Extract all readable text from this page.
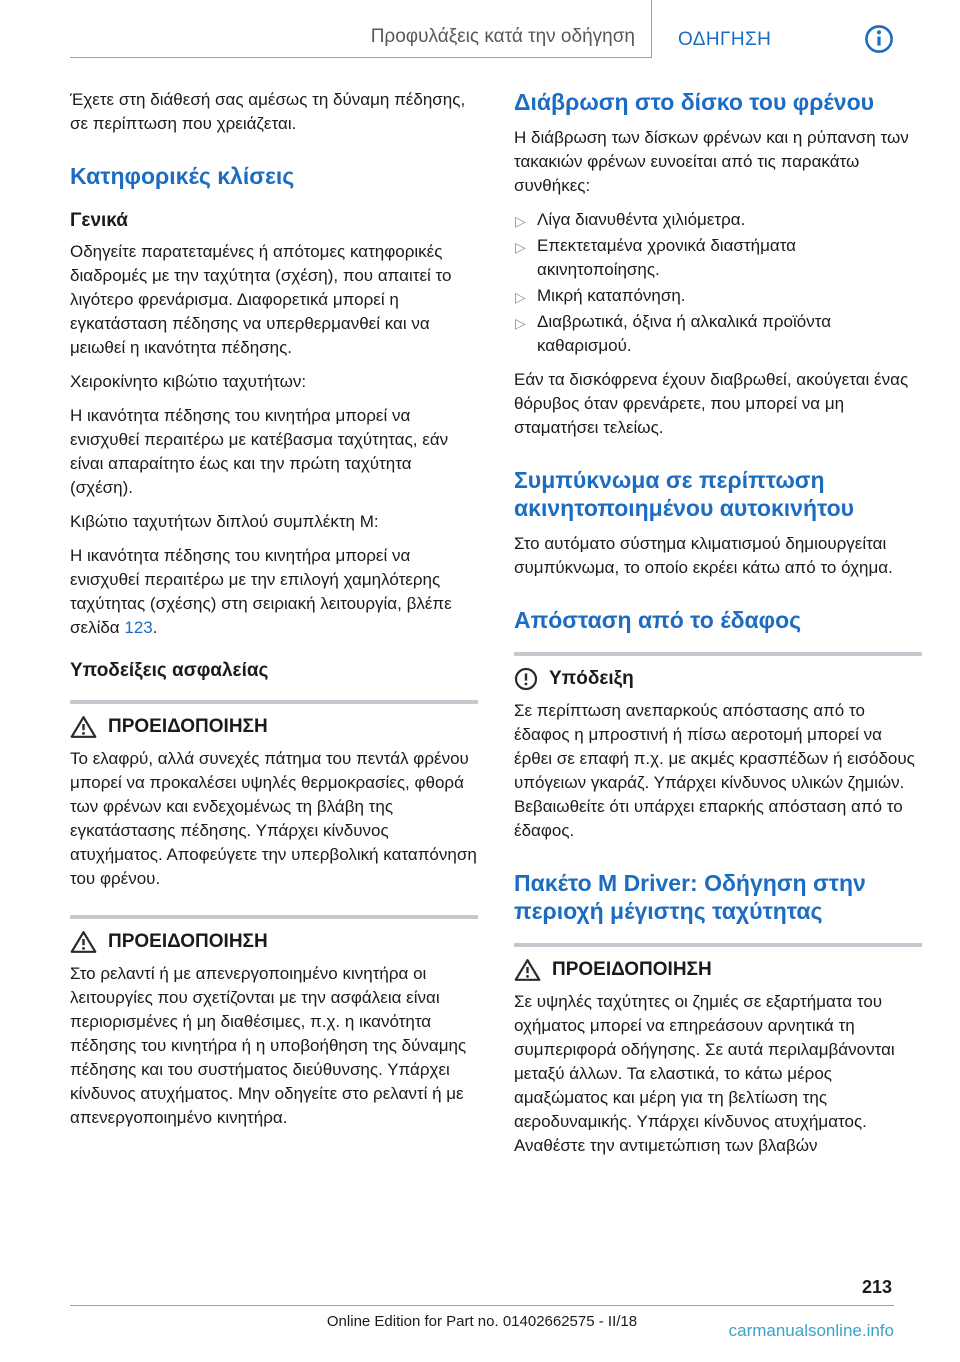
Προφυλάξεις κατά την οδήγηση ΟΔΗΓΗΣΗ

Έχετε στη διάθεσή σας αμέσως τη δύναμη πέδησης, σε περίπτωση που χρειάζεται.

Κατηφορικές κλίσεις
Γενικά

Οδηγείτε παρατεταμένες ή απότομες κατηφορικές διαδρομές με την ταχύτητα (σχέση), που απαιτεί το λιγότερο φρενάρισμα. Διαφορετικά μπορεί η εγκατάσταση πέδησης να υπερθερμανθεί και να μειωθεί η ικανότητα πέδησης.

Χειροκίνητο κιβώτιο ταχυτήτων:

Η ικανότητα πέδησης του κινητήρα μπορεί να ενισχυθεί περαιτέρω με κατέβασμα ταχύτητας, εάν είναι απαραίτητο έως και την πρώτη ταχύτητα (σχέση).

Κιβώτιο ταχυτήτων διπλού συμπλέκτη M:

Η ικανότητα πέδησης του κινητήρα μπορεί να ενισχυθεί περαιτέρω με την επιλογή χαμηλότερης ταχύτητας (σχέσης) στη σειριακή λειτουργία, βλέπε σελίδα 123.

Υποδείξεις ασφαλείας
ΠΡΟΕΙΔΟΠΟΙΗΣΗ

Το ελαφρύ, αλλά συνεχές πάτημα του πεντάλ φρένου μπορεί να προκαλέσει υψηλές θερμοκρασίες, φθορά των φρένων και ενδεχομένως τη βλάβη της εγκατάστασης πέδησης. Υπάρχει κίνδυνος ατυχήματος. Αποφεύγετε την υπερβολική καταπόνηση του φρένου.

ΠΡΟΕΙΔΟΠΟΙΗΣΗ

Στο ρελαντί ή με απενεργοποιημένο κινητήρα οι λειτουργίες που σχετίζονται με την ασφάλεια είναι περιορισμένες ή μη διαθέσιμες, π.χ. η ικανότητα πέδησης του κινητήρα ή η υποβοήθηση της δύναμης πέδησης και του συστήματος διεύθυνσης. Υπάρχει κίνδυνος ατυχήματος. Μην οδηγείτε στο ρελαντί ή με απενεργοποιημένο κινητήρα.

Διάβρωση στο δίσκο του φρένου

Η διάβρωση των δίσκων φρένων και η ρύπανση των τακακιών φρένων ευνοείται από τις παρακάτω συνθήκες:

▷ Λίγα διανυθέντα χιλιόμετρα.
▷ Επεκτεταμένα χρονικά διαστήματα ακινητοποίησης.
▷ Μικρή καταπόνηση.
▷ Διαβρωτικά, όξινα ή αλκαλικά προϊόντα καθαρισμού.

Εάν τα δισκόφρενα έχουν διαβρωθεί, ακούγεται ένας θόρυβος όταν φρενάρετε, που μπορεί να μη σταματήσει τελείως.

Συμπύκνωμα σε περίπτωση ακινητοποιημένου αυτοκινήτου

Στο αυτόματο σύστημα κλιματισμού δημιουργείται συμπύκνωμα, το οποίο εκρέει κάτω από το όχημα.

Απόσταση από το έδαφος
Υπόδειξη

Σε περίπτωση ανεπαρκούς απόστασης από το έδαφος η μπροστινή ή πίσω αεροτομή μπορεί να έρθει σε επαφή π.χ. με ακμές κρασπέδων ή εισόδους υπόγειων γκαράζ. Υπάρχει κίνδυνος υλικών ζημιών. Βεβαιωθείτε ότι υπάρχει επαρκής απόσταση από το έδαφος.

Πακέτο M Driver: Οδήγηση στην περιοχή μέγιστης ταχύτητας
ΠΡΟΕΙΔΟΠΟΙΗΣΗ

Σε υψηλές ταχύτητες οι ζημιές σε εξαρτήματα του οχήματος μπορεί να επηρεάσουν αρνητικά τη συμπεριφορά οδήγησης. Σε αυτά περιλαμβάνονται μεταξύ άλλων. Τα ελαστικά, το κάτω μέρος αμαξώματος και μέρη για τη βελτίωση της αεροδυναμικής. Υπάρχει κίνδυνος ατυχήματος. Αναθέστε την αντιμετώπιση των βλαβών

213
Online Edition for Part no. 01402662575 - II/18	carmanualsonline.info
